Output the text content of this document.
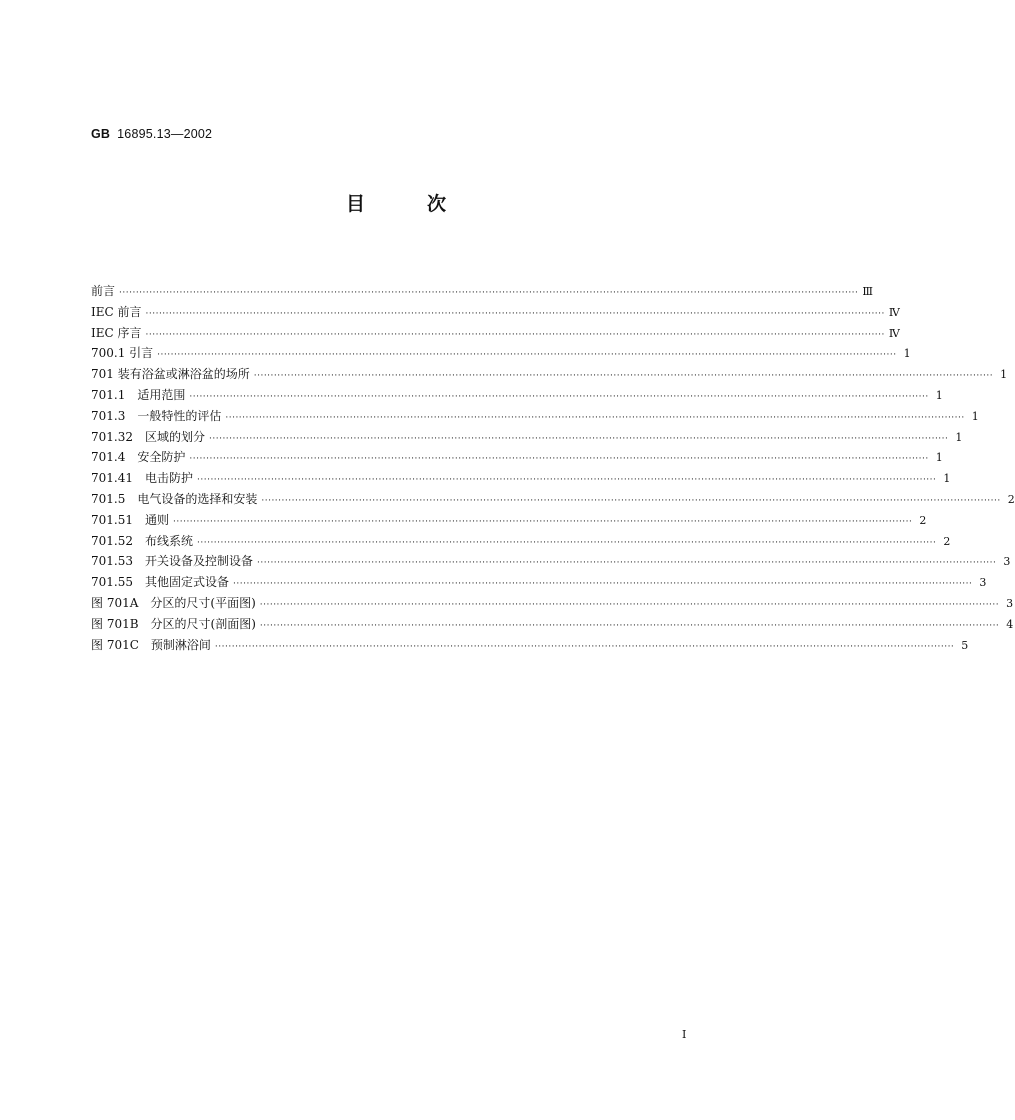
GB 16895.13—2002
目	次
前言 ···························································································································································································································· Ⅲ
IEC 前言 ···························································································································································································································· Ⅳ
IEC 序言 ···························································································································································································································· Ⅳ
700.1 引言 ···························································································································································································································· 1
701 装有浴盆或淋浴盆的场所 ···························································································································································································································· 1
701.1　适用范围 ···························································································································································································································· 1
701.3　一般特性的评估 ···························································································································································································································· 1
701.32　区域的划分 ···························································································································································································································· 1
701.4　安全防护 ···························································································································································································································· 1
701.41　电击防护 ···························································································································································································································· 1
701.5　电气设备的选择和安装 ···························································································································································································································· 2
701.51　通则 ···························································································································································································································· 2
701.52　布线系统 ···························································································································································································································· 2
701.53　开关设备及控制设备 ···························································································································································································································· 3
701.55　其他固定式设备 ···························································································································································································································· 3
图 701A　分区的尺寸(平面图) ···························································································································································································································· 3
图 701B　分区的尺寸(剖面图) ···························································································································································································································· 4
图 701C　预制淋浴间 ···························································································································································································································· 5
I
